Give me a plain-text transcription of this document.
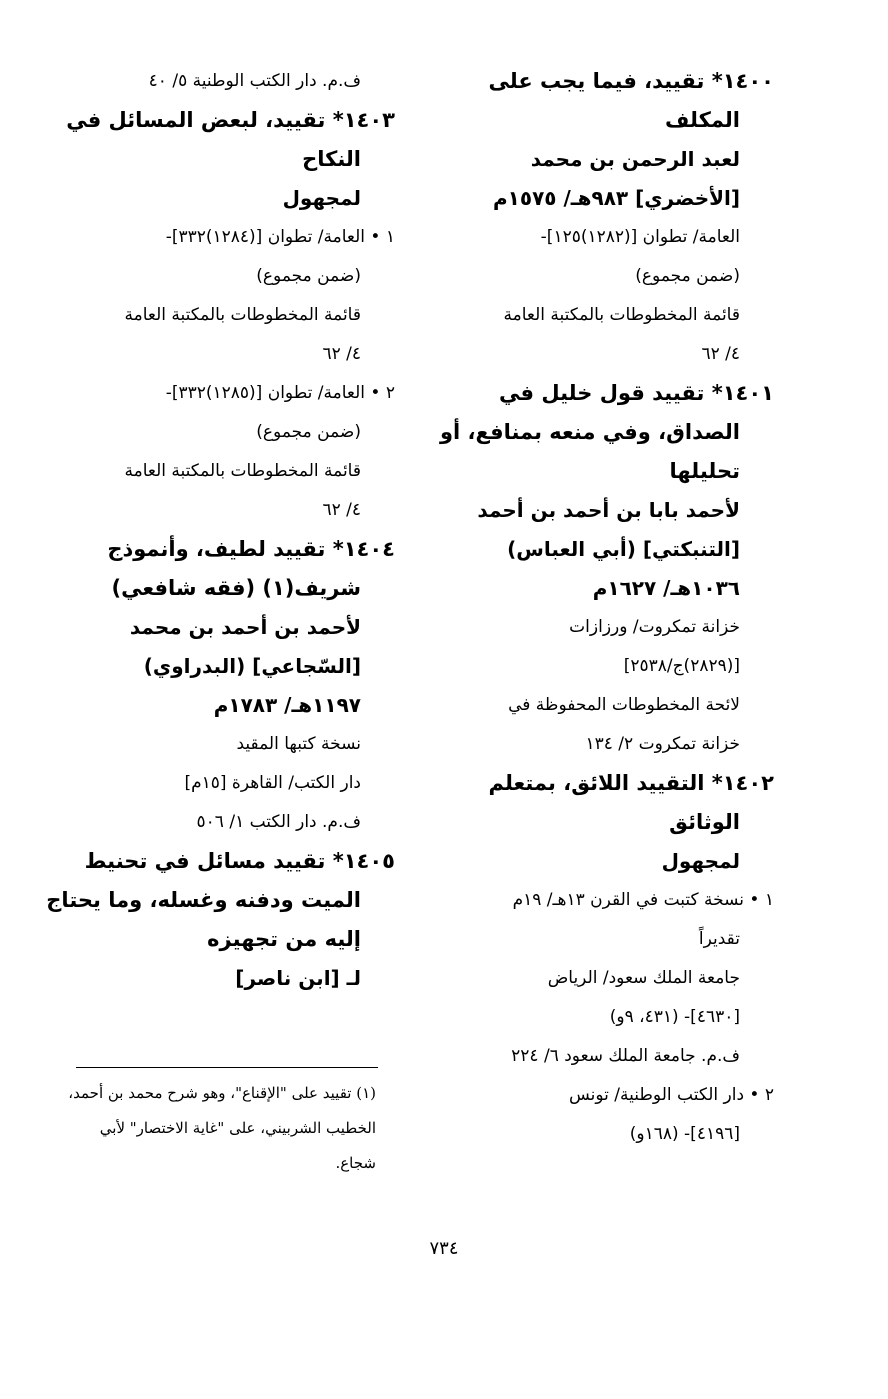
١٤٠٠* تقييد، فيما يجب على
المكلف
لعبد الرحمن بن محمد
[الأخضري] ٩٨٣هـ/ ١٥٧٥م
العامة/ تطوان [(١٢٨٢)١٢٥]-
(ضمن مجموع)
قائمة المخطوطات بالمكتبة العامة
٤/ ٦٢
١٤٠١* تقييد قول خليل في
الصداق، وفي منعه بمنافع، أو
تحليلها
لأحمد بابا بن أحمد بن أحمد
[التنبكتي] (أبي العباس)
١٠٣٦هـ/ ١٦٢٧م
خزانة تمكروت/ ورزازات
[(٢٨٢٩)ج/٢٥٣٨]
لائحة المخطوطات المحفوظة في
خزانة تمكروت ٢/ ١٣٤
١٤٠٢* التقييد اللائق، بمتعلم
الوثائق
لمجهول
١ • نسخة كتبت في القرن ١٣هـ/ ١٩م
تقديراً
جامعة الملك سعود/ الرياض
[٤٦٣٠]- (٤٣١، ٩و)
ف.م. جامعة الملك سعود ٦/ ٢٢٤
٢ • دار الكتب الوطنية/ تونس
[٤١٩٦]- (١٦٨و)
ف.م. دار الكتب الوطنية ٥/ ٤٠
١٤٠٣* تقييد، لبعض المسائل في
النكاح
لمجهول
١ • العامة/ تطوان [(١٢٨٤)٣٣٢]-
(ضمن مجموع)
قائمة المخطوطات بالمكتبة العامة
٤/ ٦٢
٢ • العامة/ تطوان [(١٢٨٥)٣٣٢]-
(ضمن مجموع)
قائمة المخطوطات بالمكتبة العامة
٤/ ٦٢
١٤٠٤* تقييد لطيف، وأنموذج
شريف(١) (فقه شافعي)
لأحمد بن أحمد بن محمد
[السّجاعي] (البدراوي)
١١٩٧هـ/ ١٧٨٣م
نسخة كتبها المقيد
دار الكتب/ القاهرة [١٥م]
ف.م. دار الكتب ١/ ٥٠٦
١٤٠٥* تقييد مسائل في تحنيط
الميت ودفنه وغسله، وما يحتاج
إليه من تجهيزه
لـ [ابن ناصر]
(١) تقييد على "الإقناع"، وهو شرح محمد بن أحمد،
الخطيب الشربيني، على "غاية الاختصار" لأبي
شجاع.
٧٣٤
